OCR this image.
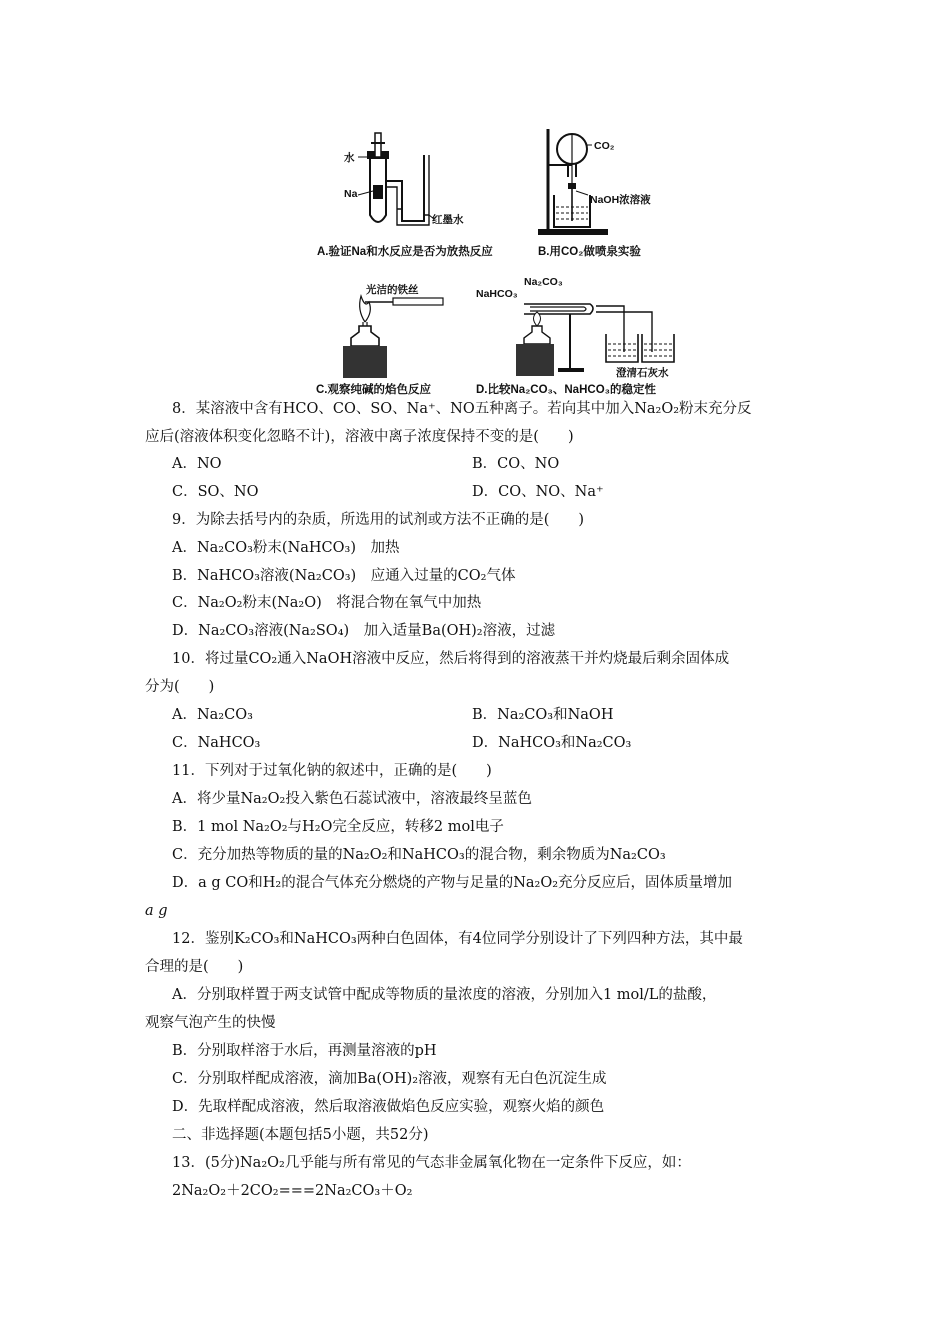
水
Na
红墨水
A.验证Na和水反应是否为放热反应
CO₂
NaOH浓溶液
B.用CO₂做喷泉实验
光洁的铁丝
C.观察纯碱的焰色反应
NaHCO₃
Na₂CO₃
澄清石灰水
D.比较Na₂CO₃、NaHCO₃的稳定性
8．某溶液中含有HCO、CO、SO、Na⁺、NO五种离子。若向其中加入Na₂O₂粉末充分反
应后(溶液体积变化忽略不计)，溶液中离子浓度保持不变的是(　　)
A．NO	B．CO、NO
C．SO、NO	D．CO、NO、Na⁺
9．为除去括号内的杂质，所选用的试剂或方法不正确的是(　　)
A．Na₂CO₃粉末(NaHCO₃)　加热
B．NaHCO₃溶液(Na₂CO₃)　应通入过量的CO₂气体
C．Na₂O₂粉末(Na₂O)　将混合物在氧气中加热
D．Na₂CO₃溶液(Na₂SO₄)　加入适量Ba(OH)₂溶液，过滤
10．将过量CO₂通入NaOH溶液中反应，然后将得到的溶液蒸干并灼烧最后剩余固体成
分为(　　)
A．Na₂CO₃	B．Na₂CO₃和NaOH
C．NaHCO₃	D．NaHCO₃和Na₂CO₃
11．下列对于过氧化钠的叙述中，正确的是(　　)
A．将少量Na₂O₂投入紫色石蕊试液中，溶液最终呈蓝色
B．1 mol Na₂O₂与H₂O完全反应，转移2 mol电子
C．充分加热等物质的量的Na₂O₂和NaHCO₃的混合物，剩余物质为Na₂CO₃
D．a g CO和H₂的混合气体充分燃烧的产物与足量的Na₂O₂充分反应后，固体质量增加
a g
12．鉴别K₂CO₃和NaHCO₃两种白色固体，有4位同学分别设计了下列四种方法，其中最
合理的是(　　)
A．分别取样置于两支试管中配成等物质的量浓度的溶液，分别加入1 mol/L的盐酸，
观察气泡产生的快慢
B．分别取样溶于水后，再测量溶液的pH
C．分别取样配成溶液，滴加Ba(OH)₂溶液，观察有无白色沉淀生成
D．先取样配成溶液，然后取溶液做焰色反应实验，观察火焰的颜色
二、非选择题(本题包括5小题，共52分)
13．(5分)Na₂O₂几乎能与所有常见的气态非金属氧化物在一定条件下反应，如：
2Na₂O₂＋2CO₂===2Na₂CO₃＋O₂
